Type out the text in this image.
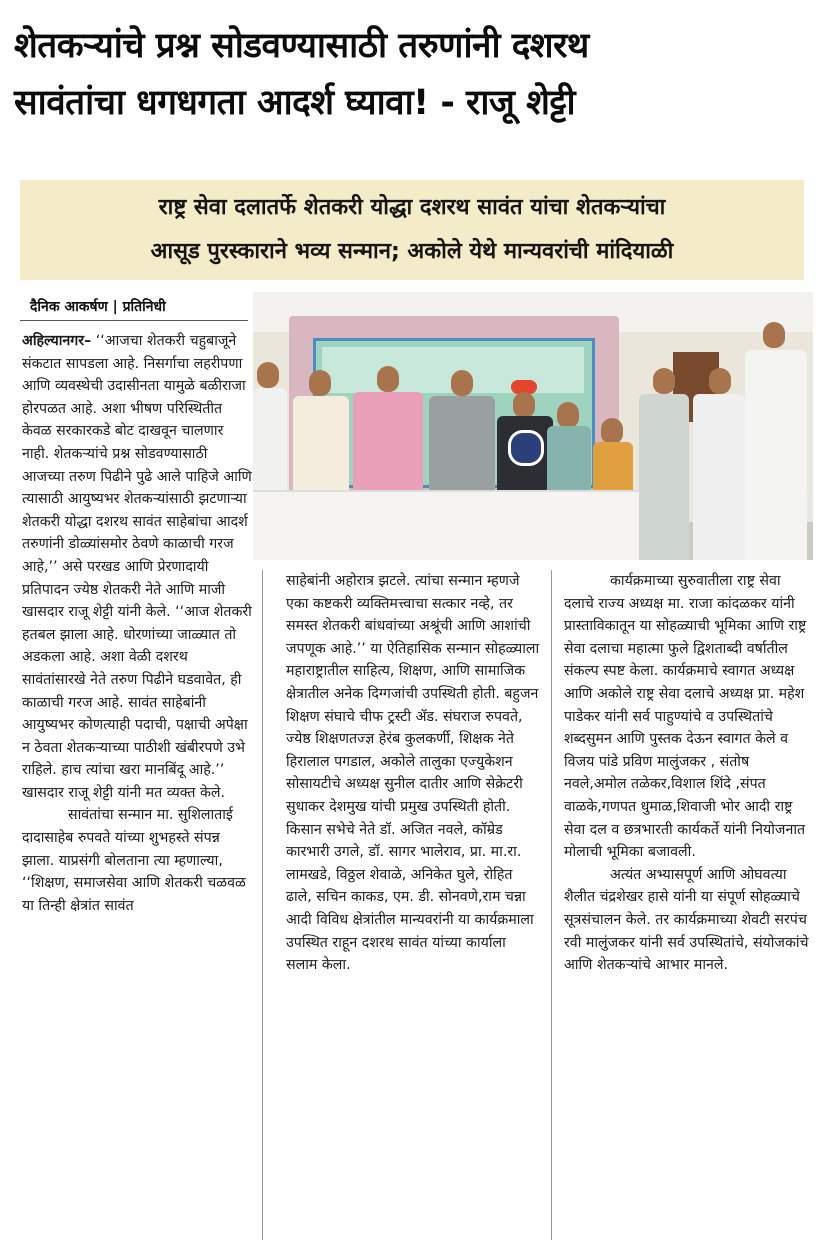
शेतकऱ्यांचे प्रश्न सोडवण्यासाठी तरुणांनी दशरथ
सावंतांचा धगधगता आदर्श घ्यावा! - राजू शेट्टी
राष्ट्र सेवा दलातर्फे शेतकरी योद्धा दशरथ सावंत यांचा शेतकऱ्यांचा
आसूड पुरस्काराने भव्य सन्मान; अकोले येथे मान्यवरांची मांदियाळी
दैनिक आकर्षण | प्रतिनिधी
अहिल्यानगर– ‘‘आजचा शेतकरी चहुबाजूने संकटात सापडला आहे. निसर्गाचा लहरीपणा आणि व्यवस्थेची उदासीनता यामुळे बळीराजा होरपळत आहे. अशा भीषण परिस्थितीत केवळ सरकारकडे बोट दाखवून चालणार नाही. शेतकऱ्यांचे प्रश्न सोडवण्यासाठी आजच्या तरुण पिढीने पुढे आले पाहिजे आणि त्यासाठी आयुष्यभर शेतकऱ्यांसाठी झटणाऱ्या शेतकरी योद्धा दशरथ सावंत साहेबांचा आदर्श तरुणांनी डोळ्यांसमोर ठेवणे काळाची गरज आहे,’’ असे परखड आणि प्रेरणादायी प्रतिपादन ज्येष्ठ शेतकरी नेते आणि माजी खासदार राजू शेट्टी यांनी केले. ‘‘आज शेतकरी हतबल झाला आहे. धोरणांच्या जाळ्यात तो अडकला आहे. अशा वेळी दशरथ सावंतांसारखे नेते तरुण पिढीने घडवावेत, ही काळाची गरज आहे. सावंत साहेबांनी आयुष्यभर कोणत्याही पदाची, पक्षाची अपेक्षा न ठेवता शेतकऱ्याच्या पाठीशी खंबीरपणे उभे राहिले. हाच त्यांचा खरा मानबिंदू आहे.’’ खासदार राजू शेट्टी यांनी मत व्यक्त केले.
सावंतांचा सन्मान मा. सुशिलाताई दादासाहेब रुपवते यांच्या शुभहस्ते संपन्न झाला. याप्रसंगी बोलताना त्या म्हणाल्या, ‘‘शिक्षण, समाजसेवा आणि शेतकरी चळवळ या तिन्ही क्षेत्रांत सावंत
साहेबांनी अहोरात्र झटले. त्यांचा सन्मान म्हणजे एका कष्टकरी व्यक्तिमत्त्वाचा सत्कार नव्हे, तर समस्त शेतकरी बांधवांच्या अश्रूंची आणि आशांची जपणूक आहे.’’ या ऐतिहासिक सन्मान सोहळ्याला महाराष्ट्रातील साहित्य, शिक्षण, आणि सामाजिक क्षेत्रातील अनेक दिग्गजांची उपस्थिती होती. बहुजन शिक्षण संघाचे चीफ ट्रस्टी ॲड. संघराज रुपवते, ज्येष्ठ शिक्षणतज्ज्ञ हेरंब कुलकर्णी, शिक्षक नेते हिरालाल पगडाल, अकोले तालुका एज्युकेशन सोसायटीचे अध्यक्ष सुनील दातीर आणि सेक्रेटरी सुधाकर देशमुख यांची प्रमुख उपस्थिती होती. किसान सभेचे नेते डॉ. अजित नवले, कॉम्रेड कारभारी उगले, डॉ. सागर भालेराव, प्रा. मा.रा. लामखडे, विठ्ठल शेवाळे, अनिकेत घुले, रोहित ढाले, सचिन काकड, एम. डी. सोनवणे,राम चन्ना आदी विविध क्षेत्रांतील मान्यवरांनी या कार्यक्रमाला उपस्थित राहून दशरथ सावंत यांच्या कार्याला सलाम केला.
कार्यक्रमाच्या सुरुवातीला राष्ट्र सेवा दलाचे राज्य अध्यक्ष मा. राजा कांदळकर यांनी प्रास्ताविकातून या सोहळ्याची भूमिका आणि राष्ट्र सेवा दलाचा महात्मा फुले द्विशताब्दी वर्षातील संकल्प स्पष्ट केला. कार्यक्रमाचे स्वागत अध्यक्ष आणि अकोले राष्ट्र सेवा दलाचे अध्यक्ष प्रा. महेश पाडेकर यांनी सर्व पाहुण्यांचे व उपस्थितांचे शब्दसुमन आणि पुस्तक देऊन स्वागत केले व विजय पांडे प्रविण मालुंजकर , संतोष नवले,अमोल तळेकर,विशाल शिंदे ,संपत वाळके,गणपत धुमाळ,शिवाजी भोर आदी राष्ट्र सेवा दल व छत्रभारती कार्यकर्ते यांनी नियोजनात मोलाची भूमिका बजावली.
अत्यंत अभ्यासपूर्ण आणि ओघवत्या शैलीत चंद्रशेखर हासे यांनी या संपूर्ण सोहळ्याचे सूत्रसंचालन केले. तर कार्यक्रमाच्या शेवटी सरपंच रवी मालुंजकर यांनी सर्व उपस्थितांचे, संयोजकांचे आणि शेतकऱ्यांचे आभार मानले.
